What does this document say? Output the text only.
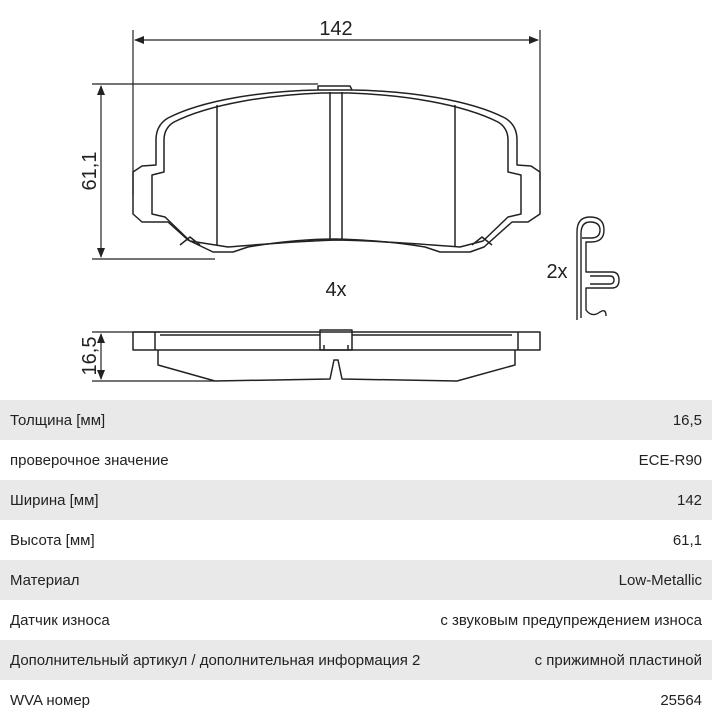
142
61,1
4x
2x
16,5
Толщина [мм]	16,5
проверочное значение	ECE-R90
Ширина [мм]	142
Высота [мм]	61,1
Материал	Low-Metallic
Датчик износа	с звуковым предупреждением износа
Дополнительный артикул / дополнительная информация 2	с прижимной пластиной
WVA номер	25564
